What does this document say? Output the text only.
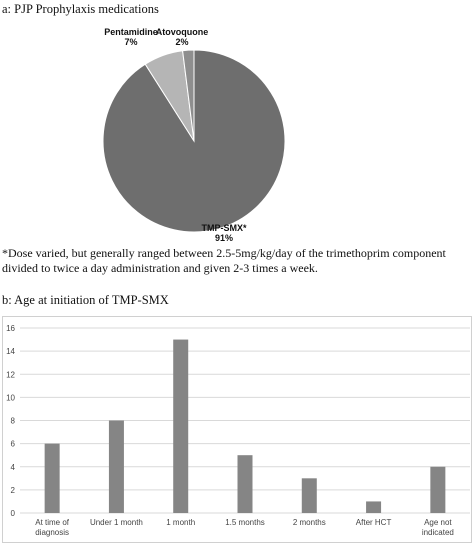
a: PJP Prophylaxis medications
*Dose varied, but generally ranged between 2.5-5mg/kg/day of the trimethoprim component divided to twice a day administration and given 2-3 times a week.
b: Age at initiation of TMP-SMX
TMP-SMX*
91%
Pentamidine
7%
Atovoquone
2%
0
2
4
6
8
10
12
14
16
At time of
diagnosis
Under 1 month	1 month	1.5 months	2 months	After HCT	Age not
indicated
